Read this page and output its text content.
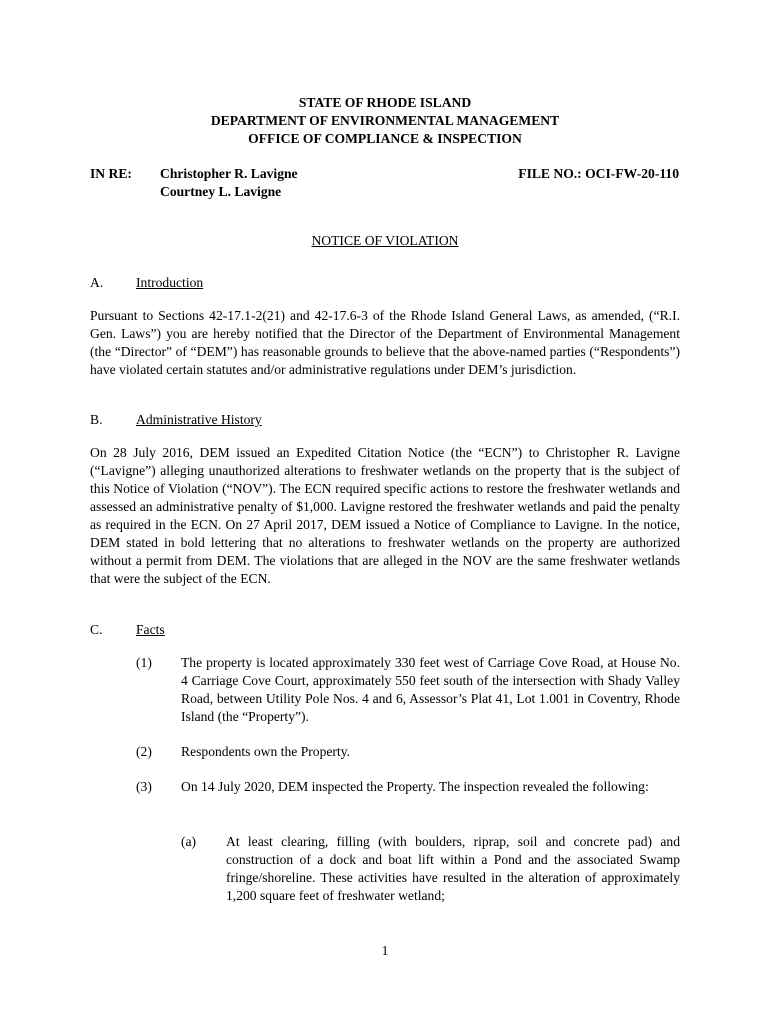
STATE OF RHODE ISLAND
DEPARTMENT OF ENVIRONMENTAL MANAGEMENT
OFFICE OF COMPLIANCE & INSPECTION
IN RE: Christopher R. Lavigne
Courtney L. Lavigne
FILE NO.: OCI-FW-20-110
NOTICE OF VIOLATION
A. Introduction
Pursuant to Sections 42-17.1-2(21) and 42-17.6-3 of the Rhode Island General Laws, as amended, (“R.I. Gen. Laws”) you are hereby notified that the Director of the Department of Environmental Management (the “Director” of “DEM”) has reasonable grounds to believe that the above-named parties (“Respondents”) have violated certain statutes and/or administrative regulations under DEM’s jurisdiction.
B. Administrative History
On 28 July 2016, DEM issued an Expedited Citation Notice (the “ECN”) to Christopher R. Lavigne (“Lavigne”) alleging unauthorized alterations to freshwater wetlands on the property that is the subject of this Notice of Violation (“NOV”). The ECN required specific actions to restore the freshwater wetlands and assessed an administrative penalty of $1,000. Lavigne restored the freshwater wetlands and paid the penalty as required in the ECN. On 27 April 2017, DEM issued a Notice of Compliance to Lavigne. In the notice, DEM stated in bold lettering that no alterations to freshwater wetlands on the property are authorized without a permit from DEM. The violations that are alleged in the NOV are the same freshwater wetlands that were the subject of the ECN.
C. Facts
(1) The property is located approximately 330 feet west of Carriage Cove Road, at House No. 4 Carriage Cove Court, approximately 550 feet south of the intersection with Shady Valley Road, between Utility Pole Nos. 4 and 6, Assessor’s Plat 41, Lot 1.001 in Coventry, Rhode Island (the “Property”).
(2) Respondents own the Property.
(3) On 14 July 2020, DEM inspected the Property. The inspection revealed the following:
(a) At least clearing, filling (with boulders, riprap, soil and concrete pad) and construction of a dock and boat lift within a Pond and the associated Swamp fringe/shoreline. These activities have resulted in the alteration of approximately 1,200 square feet of freshwater wetland;
1
